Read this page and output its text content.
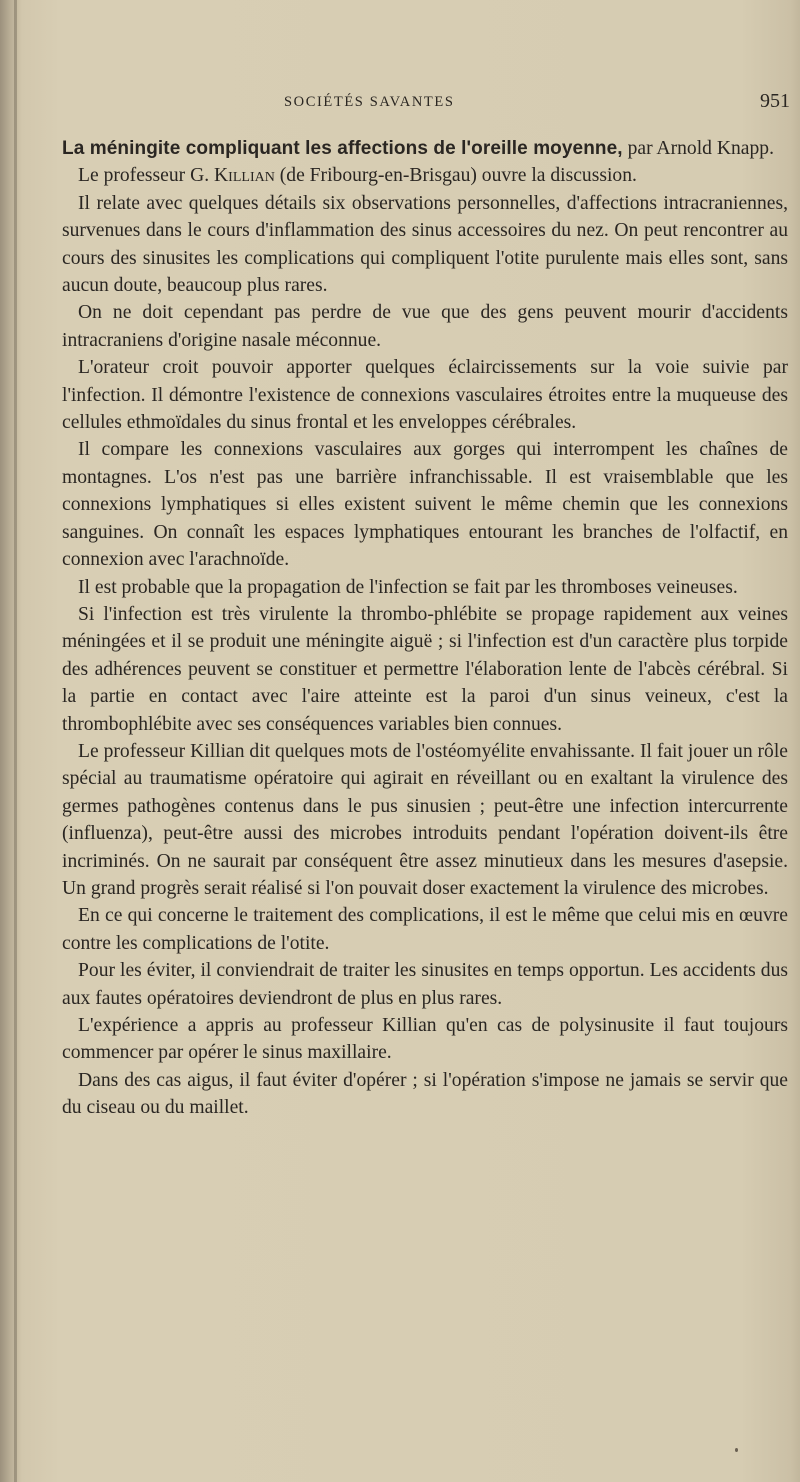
SOCIÉTÉS SAVANTES	951

La méningite compliquant les affections de l'oreille moyenne, par Arnold Knapp.

Le professeur G. Killian (de Fribourg-en-Brisgau) ouvre la discussion.

Il relate avec quelques détails six observations personnelles, d'affections intracraniennes, survenues dans le cours d'inflammation des sinus accessoires du nez. On peut rencontrer au cours des sinusites les complications qui compliquent l'otite purulente mais elles sont, sans aucun doute, beaucoup plus rares.

On ne doit cependant pas perdre de vue que des gens peuvent mourir d'accidents intracraniens d'origine nasale méconnue.

L'orateur croit pouvoir apporter quelques éclaircissements sur la voie suivie par l'infection. Il démontre l'existence de connexions vasculaires étroites entre la muqueuse des cellules ethmoïdales du sinus frontal et les enveloppes cérébrales.

Il compare les connexions vasculaires aux gorges qui interrompent les chaînes de montagnes. L'os n'est pas une barrière infranchissable. Il est vraisemblable que les connexions lymphatiques si elles existent suivent le même chemin que les connexions sanguines. On connaît les espaces lymphatiques entourant les branches de l'olfactif, en connexion avec l'arachnoïde.

Il est probable que la propagation de l'infection se fait par les thromboses veineuses.

Si l'infection est très virulente la thrombo-phlébite se propage rapidement aux veines méningées et il se produit une méningite aiguë ; si l'infection est d'un caractère plus torpide des adhérences peuvent se constituer et permettre l'élaboration lente de l'abcès cérébral. Si la partie en contact avec l'aire atteinte est la paroi d'un sinus veineux, c'est la thrombophlébite avec ses conséquences variables bien connues.

Le professeur Killian dit quelques mots de l'ostéomyélite envahissante. Il fait jouer un rôle spécial au traumatisme opératoire qui agirait en réveillant ou en exaltant la virulence des germes pathogènes contenus dans le pus sinusien ; peut-être une infection intercurrente (influenza), peut-être aussi des microbes introduits pendant l'opération doivent-ils être incriminés. On ne saurait par conséquent être assez minutieux dans les mesures d'asepsie. Un grand progrès serait réalisé si l'on pouvait doser exactement la virulence des microbes.

En ce qui concerne le traitement des complications, il est le même que celui mis en œuvre contre les complications de l'otite.

Pour les éviter, il conviendrait de traiter les sinusites en temps opportun. Les accidents dus aux fautes opératoires deviendront de plus en plus rares.

L'expérience a appris au professeur Killian qu'en cas de polysinusite il faut toujours commencer par opérer le sinus maxillaire.

Dans des cas aigus, il faut éviter d'opérer ; si l'opération s'impose ne jamais se servir que du ciseau ou du maillet.
